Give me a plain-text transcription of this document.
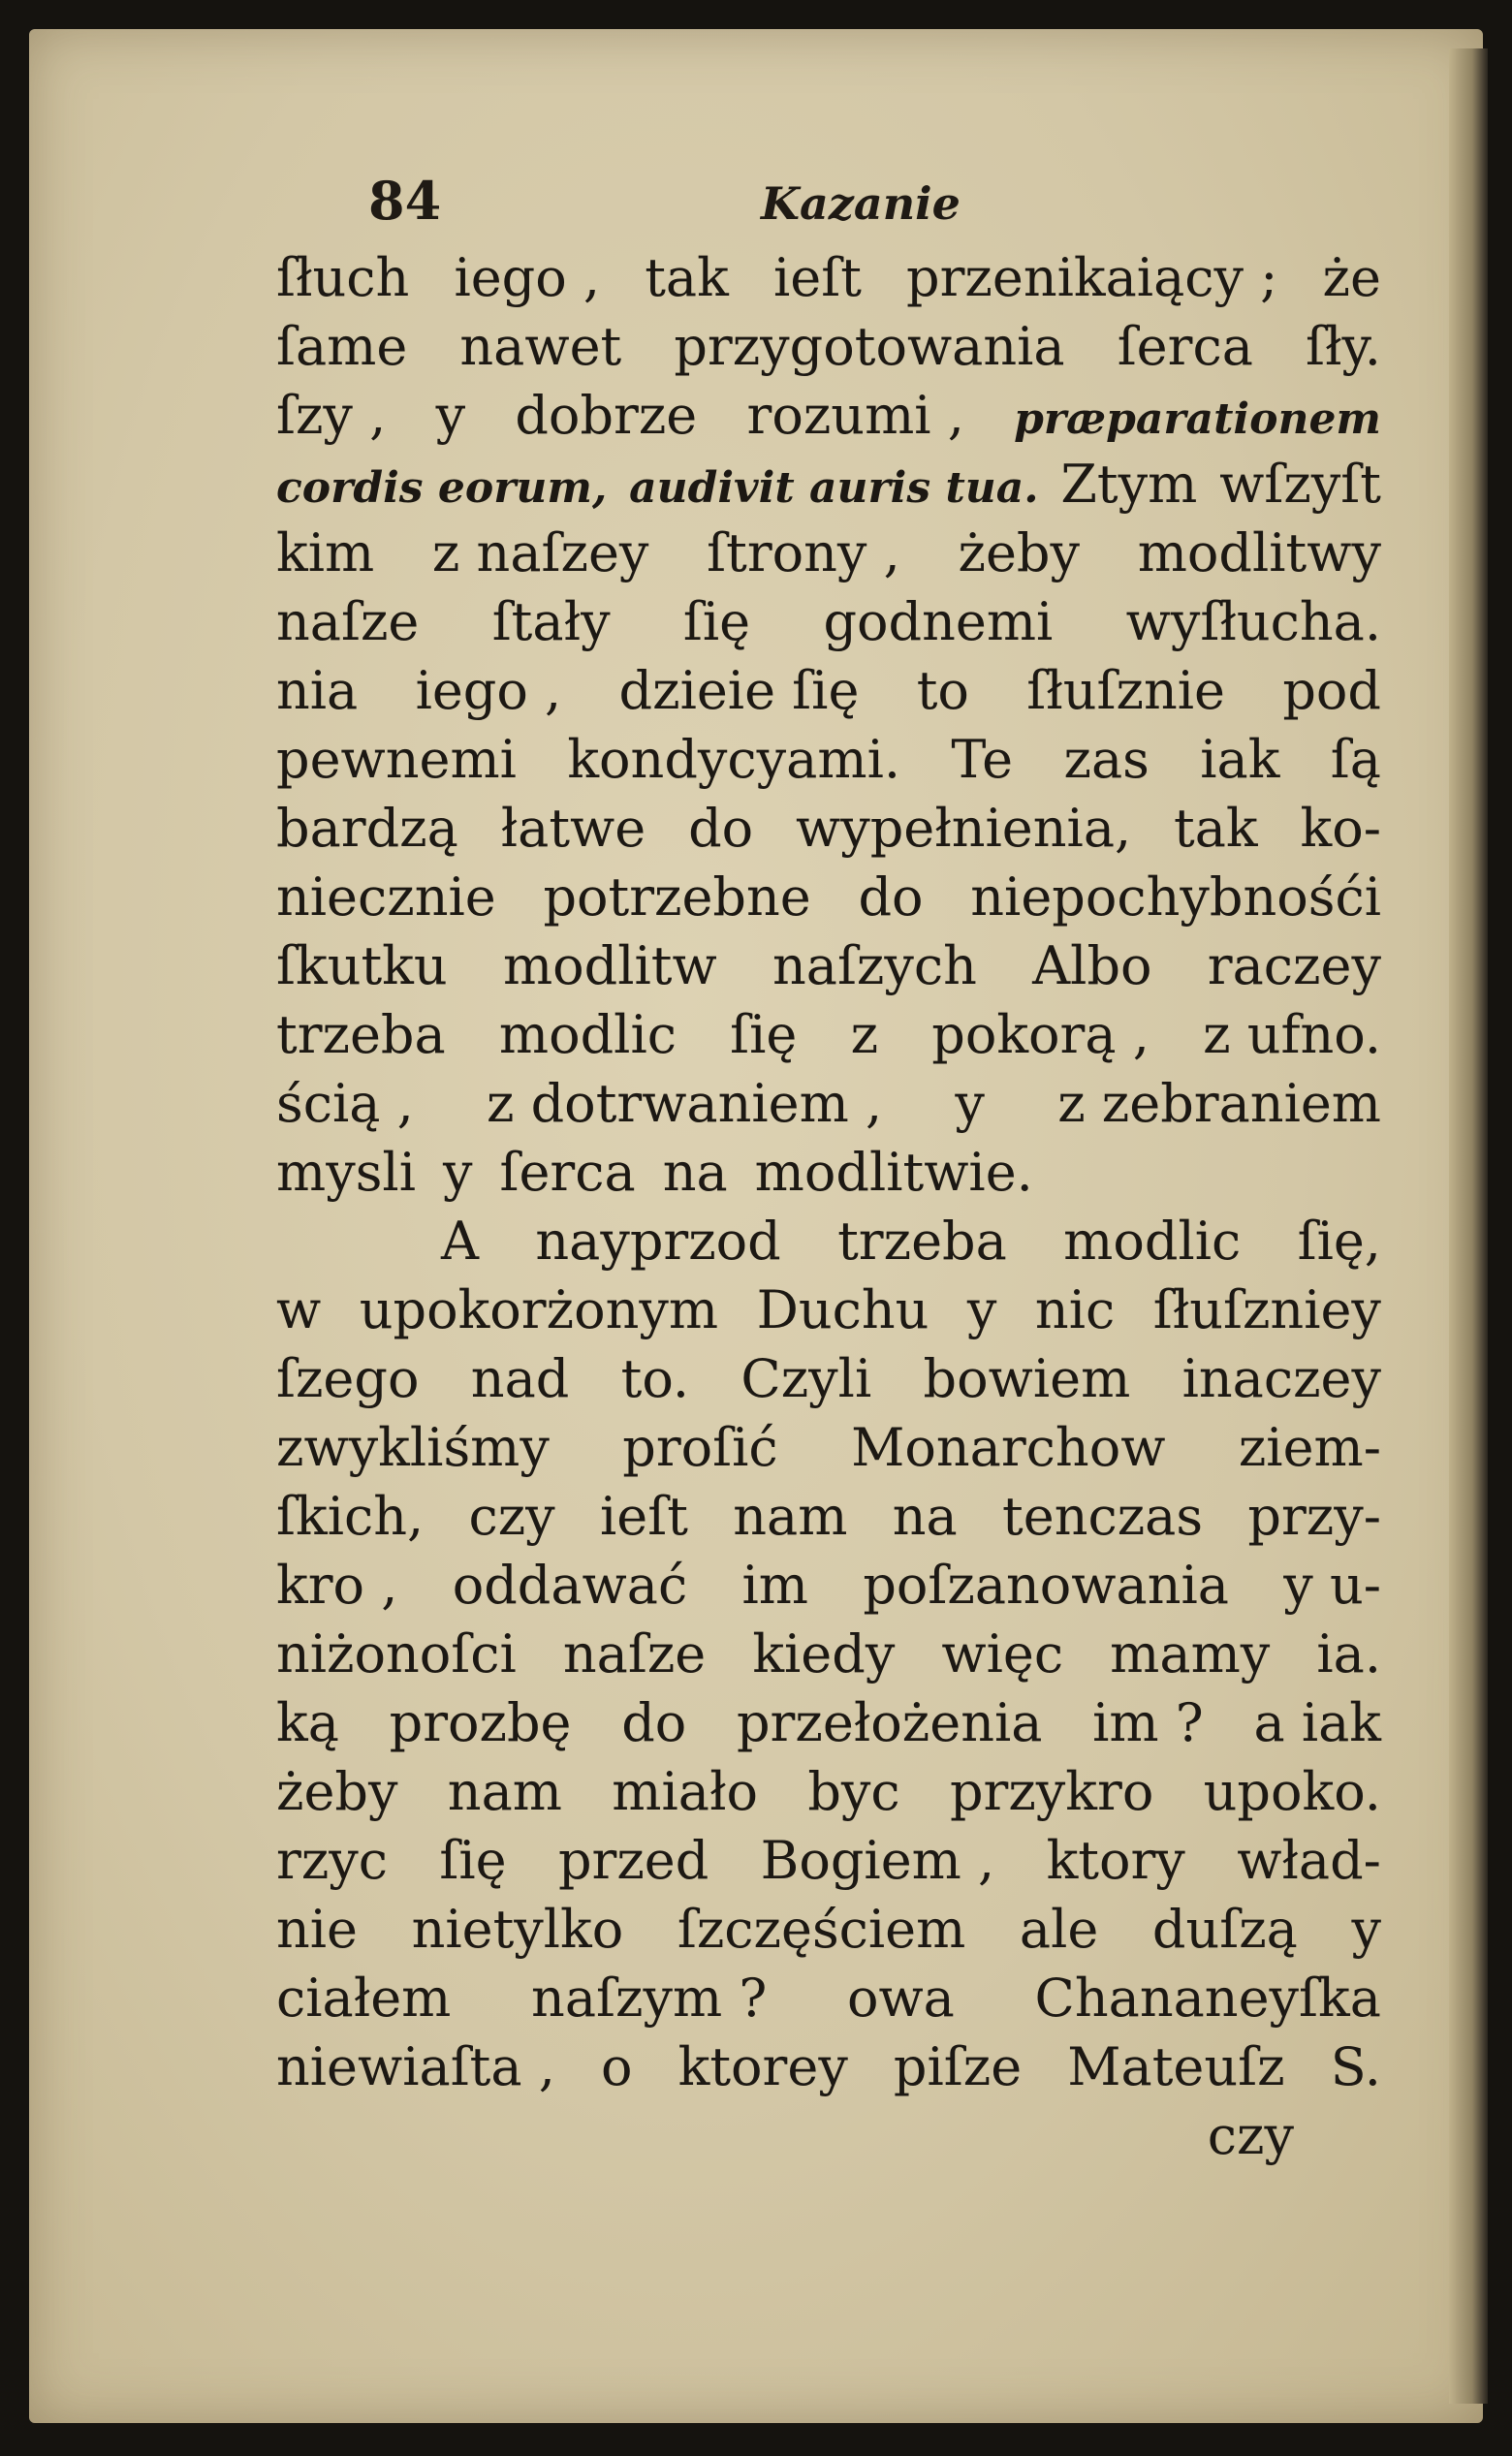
84	Kazanie
ſłuch iego , tak ieſt przenikaiący ; że
ſame nawet przygotowania ſerca ſły.
ſzy , y dobrze rozumi , præparationem
cordis eorum, audivit auris tua. Ztym wſzyſt
kim z naſzey ſtrony , żeby modlitwy
naſze ſtały ſię godnemi wyſłucha.
nia iego , dzieie ſię to ſłuſznie pod
pewnemi kondycyami. Te zas iak ſą
bardzą łatwe do wypełnienia, tak ko-
niecznie potrzebne do niepochybnośći
ſkutku modlitw naſzych Albo raczey
trzeba modlic ſię z pokorą , z ufno.
ścią , z dotrwaniem , y z zebraniem
mysli y ſerca na modlitwie.
A nayprzod trzeba modlic ſię,
w upokorżonym Duchu y nic ſłuſzniey
ſzego nad to. Czyli bowiem inaczey
zwykliśmy proſić Monarchow ziem-
ſkich, czy ieſt nam na tenczas przy-
kro , oddawać im poſzanowania y u-
niżonoſci naſze kiedy więc mamy ia.
ką prozbę do przełożenia im ? a iak
żeby nam miało byc przykro upoko.
rzyc ſię przed Bogiem , ktory wład-
nie nietylko ſzczęściem ale duſzą y
ciałem naſzym ? owa Chananeyſka
niewiaſta , o ktorey piſze Mateuſz S.
czy
